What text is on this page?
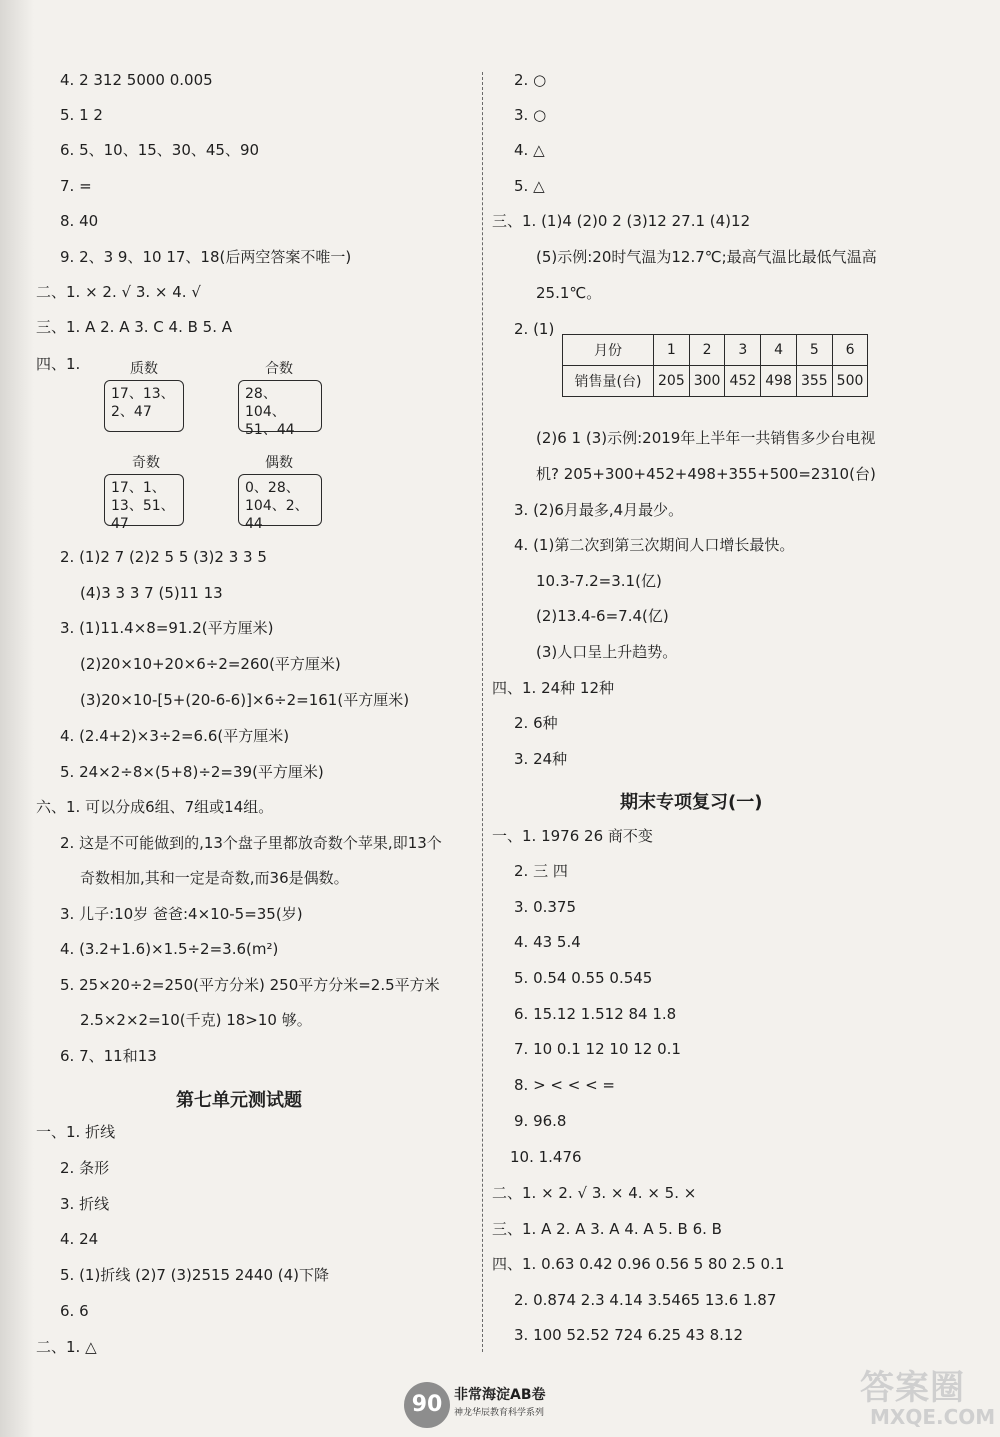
4. 2 312 5000 0.005
5. 1 2
6. 5、10、15、30、45、90
7. =
8. 40
9. 2、3 9、10 17、18(后两空答案不唯一)
二、1. × 2. √ 3. × 4. √
三、1. A 2. A 3. C 4. B 5. A
四、1.	质数
17、13、2、47
合数
28、104、51、44
奇数
17、1、13、51、47
偶数
0、28、104、2、44
2. (1)2 7 (2)2 5 5 (3)2 3 3 5
(4)3 3 3 7 (5)11 13
3. (1)11.4×8=91.2(平方厘米)
(2)20×10+20×6÷2=260(平方厘米)
(3)20×10-[5+(20-6-6)]×6÷2=161(平方厘米)
4. (2.4+2)×3÷2=6.6(平方厘米)
5. 24×2÷8×(5+8)÷2=39(平方厘米)
六、1. 可以分成6组、7组或14组。
2. 这是不可能做到的,13个盘子里都放奇数个苹果,即13个
奇数相加,其和一定是奇数,而36是偶数。
3. 儿子:10岁 爸爸:4×10-5=35(岁)
4. (3.2+1.6)×1.5÷2=3.6(m²)
5. 25×20÷2=250(平方分米) 250平方分米=2.5平方米
2.5×2×2=10(千克) 18>10 够。
6. 7、11和13
第七单元测试题
一、1. 折线
2. 条形
3. 折线
4. 24
5. (1)折线 (2)7 (3)2515 2440 (4)下降
6. 6
二、1. △
2. ○
3. ○
4. △
5. △
三、1. (1)4 (2)0 2 (3)12 27.1 (4)12
(5)示例:20时气温为12.7℃;最高气温比最低气温高
25.1℃。
2. (1)
月份	1	2	3	4	5	6
销售量(台)	205	300	452	498	355	500
(2)6 1 (3)示例:2019年上半年一共销售多少台电视
机? 205+300+452+498+355+500=2310(台)
3. (2)6月最多,4月最少。
4. (1)第二次到第三次期间人口增长最快。
10.3-7.2=3.1(亿)
(2)13.4-6=7.4(亿)
(3)人口呈上升趋势。
四、1. 24种 12种
2. 6种
3. 24种
期末专项复习(一)
一、1. 1976 26 商不变
2. 三 四
3. 0.375
4. 43 5.4
5. 0.54 0.55 0.545
6. 15.12 1.512 84 1.8
7. 10 0.1 12 10 12 0.1
8. > < < < =
9. 96.8
10. 1.476
二、1. × 2. √ 3. × 4. × 5. ×
三、1. A 2. A 3. A 4. A 5. B 6. B
四、1. 0.63 0.42 0.96 0.56 5 80 2.5 0.1
2. 0.874 2.3 4.14 3.5465 13.6 1.87
3. 100 52.52 724 6.25 43 8.12
90 非常海淀AB卷
神龙华辰教育科学系列
答案圈
MXQE.COM
